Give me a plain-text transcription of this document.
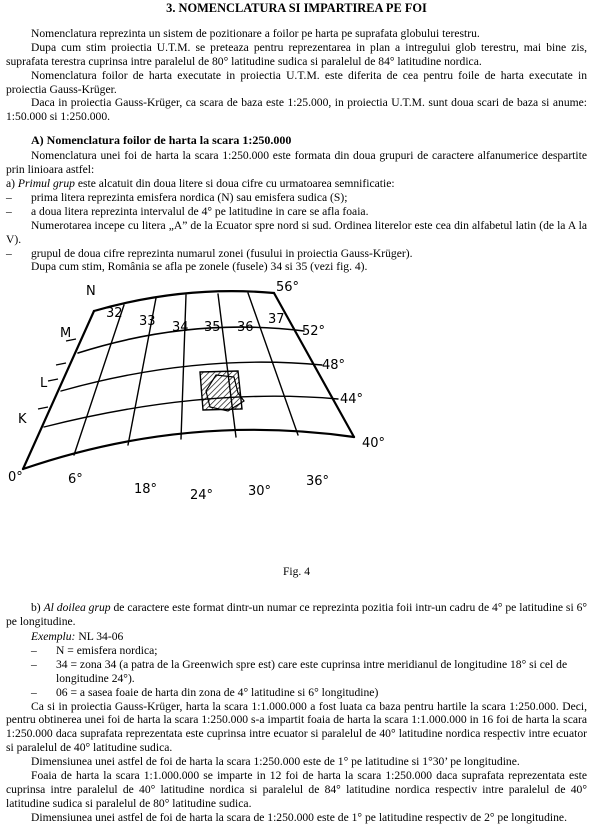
3. NOMENCLATURA SI IMPARTIREA PE FOI

Nomenclatura reprezinta un sistem de pozitionare a foilor pe harta pe suprafata globului terestru.

Dupa cum stim proiectia U.T.M. se preteaza pentru reprezentarea in plan a intregului glob terestru, mai bine zis, suprafata terestra cuprinsa intre paralelul de 80° latitudine sudica si paralelul de 84° latitudine nordica.

Nomenclatura foilor de harta executate in proiectia U.T.M. este diferita de cea pentru foile de harta executate in proiectia Gauss-Krüger.

Daca in proiectia Gauss-Krüger, ca scara de baza este 1:25.000, in proiectia U.T.M. sunt doua scari de baza si anume: 1:50.000 si 1:250.000.

A) Nomenclatura foilor de harta la scara 1:250.000

Nomenclatura unei foi de harta la scara 1:250.000 este formata din doua grupuri de caractere alfanumerice despartite prin linioara astfel:

a) Primul grup este alcatuit din doua litere si doua cifre cu urmatoarea semnificatie:

–	prima litera reprezinta emisfera nordica (N) sau emisfera sudica (S);
–	a doua litera reprezinta intervalul de 4° pe latitudine in care se afla foaia.

Numerotarea incepe cu litera „A” de la Ecuator spre nord si sud. Ordinea literelor este cea din alfabetul latin (de la A la V).

–	grupul de doua cifre reprezinta numarul zonei (fusului in proiectia Gauss-Krüger).

Dupa cum stim, România se afla pe zonele (fusele) 34 si 35 (vezi fig. 4).

N
M
L
K
32
33 34 35 36
37
56°
52°
48°
44°
40°
0°	6°
18°	24°	30°
36°
Fig. 4

b) Al doilea grup de caractere este format dintr-un numar ce reprezinta pozitia foii intr-un cadru de 4° pe latitudine si 6° pe longitudine.

Exemplu: NL 34-06
–	N = emisfera nordica;
–	34 = zona 34 (a patra de la Greenwich spre est) care este cuprinsa intre meridianul de longitudine 18° si cel de longitudine 24°).
–	06 = a sasea foaie de harta din zona de 4° latitudine si 6° longitudine)

Ca si in proiectia Gauss-Krüger, harta la scara 1:1.000.000 a fost luata ca baza pentru hartile la scara 1:250.000. Deci, pentru obtinerea unei foi de harta la scara 1:250.000 s-a impartit foaia de harta la scara 1:1.000.000 in 16 foi de harta la scara 1:250.000 daca suprafata reprezentata este cuprinsa intre ecuator si paralelul de 40° latitudine nordica respectiv intre ecuator si paralelul de 40° latitudine sudica.

Dimensiunea unei astfel de foi de harta la scara 1:250.000 este de 1° pe latitudine si 1°30’ pe longitudine.

Foaia de harta la scara 1:1.000.000 se imparte in 12 foi de harta la scara 1:250.000 daca suprafata reprezentata este cuprinsa intre paralelul de 40° latitudine nordica si paralelul de 84° latitudine nordica respectiv intre paralelul de 40° latitudine sudica si paralelul de 80° latitudine sudica.

Dimensiunea unei astfel de foi de harta la scara de 1:250.000 este de 1° pe latitudine respectiv de 2° pe longitudine.
